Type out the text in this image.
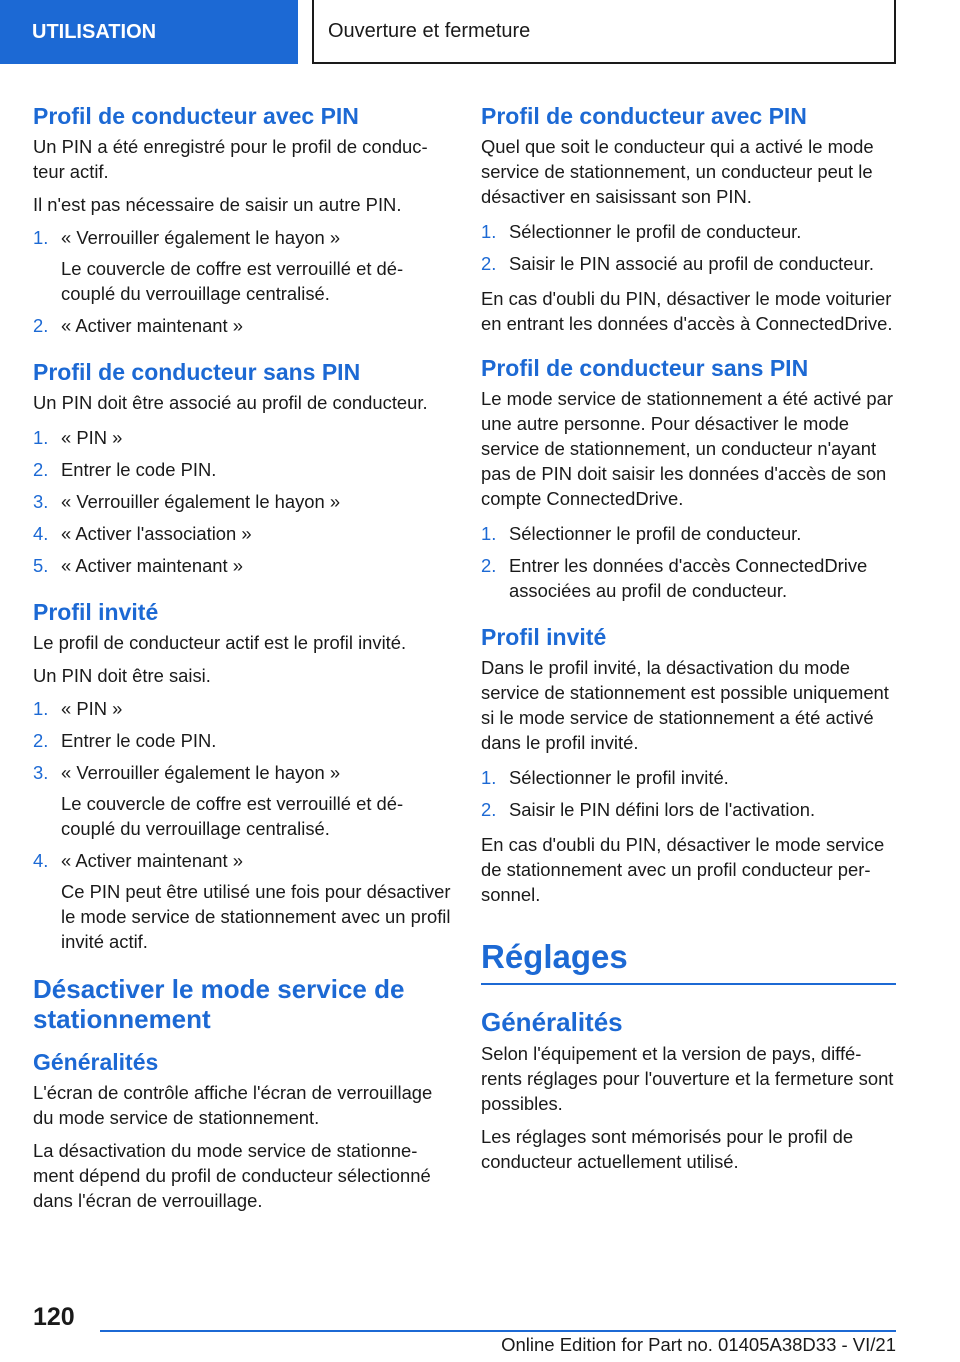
UTILISATION	Ouverture et fermeture
Profil de conducteur avec PIN
Un PIN a été enregistré pour le profil de conducteur actif.
Il n'est pas nécessaire de saisir un autre PIN.
1. « Verrouiller également le hayon »
Le couvercle de coffre est verrouillé et découplé du verrouillage centralisé.
2. « Activer maintenant »
Profil de conducteur sans PIN
Un PIN doit être associé au profil de conducteur.
1. « PIN »
2. Entrer le code PIN.
3. « Verrouiller également le hayon »
4. « Activer l'association »
5. « Activer maintenant »
Profil invité
Le profil de conducteur actif est le profil invité.
Un PIN doit être saisi.
1. « PIN »
2. Entrer le code PIN.
3. « Verrouiller également le hayon »
Le couvercle de coffre est verrouillé et découplé du verrouillage centralisé.
4. « Activer maintenant »
Ce PIN peut être utilisé une fois pour désactiver le mode service de stationnement avec un profil invité actif.
Désactiver le mode service de stationnement
Généralités
L'écran de contrôle affiche l'écran de verrouillage du mode service de stationnement.
La désactivation du mode service de stationnement dépend du profil de conducteur sélectionné dans l'écran de verrouillage.
Profil de conducteur avec PIN
Quel que soit le conducteur qui a activé le mode service de stationnement, un conducteur peut le désactiver en saisissant son PIN.
1. Sélectionner le profil de conducteur.
2. Saisir le PIN associé au profil de conducteur.
En cas d'oubli du PIN, désactiver le mode voiturier en entrant les données d'accès à ConnectedDrive.
Profil de conducteur sans PIN
Le mode service de stationnement a été activé par une autre personne. Pour désactiver le mode service de stationnement, un conducteur n'ayant pas de PIN doit saisir les données d'accès de son compte ConnectedDrive.
1. Sélectionner le profil de conducteur.
2. Entrer les données d'accès ConnectedDrive associées au profil de conducteur.
Profil invité
Dans le profil invité, la désactivation du mode service de stationnement est possible uniquement si le mode service de stationnement a été activé dans le profil invité.
1. Sélectionner le profil invité.
2. Saisir le PIN défini lors de l'activation.
En cas d'oubli du PIN, désactiver le mode service de stationnement avec un profil conducteur personnel.
Réglages
Généralités
Selon l'équipement et la version de pays, différents réglages pour l'ouverture et la fermeture sont possibles.
Les réglages sont mémorisés pour le profil de conducteur actuellement utilisé.
120
Online Edition for Part no. 01405A38D33 - VI/21
